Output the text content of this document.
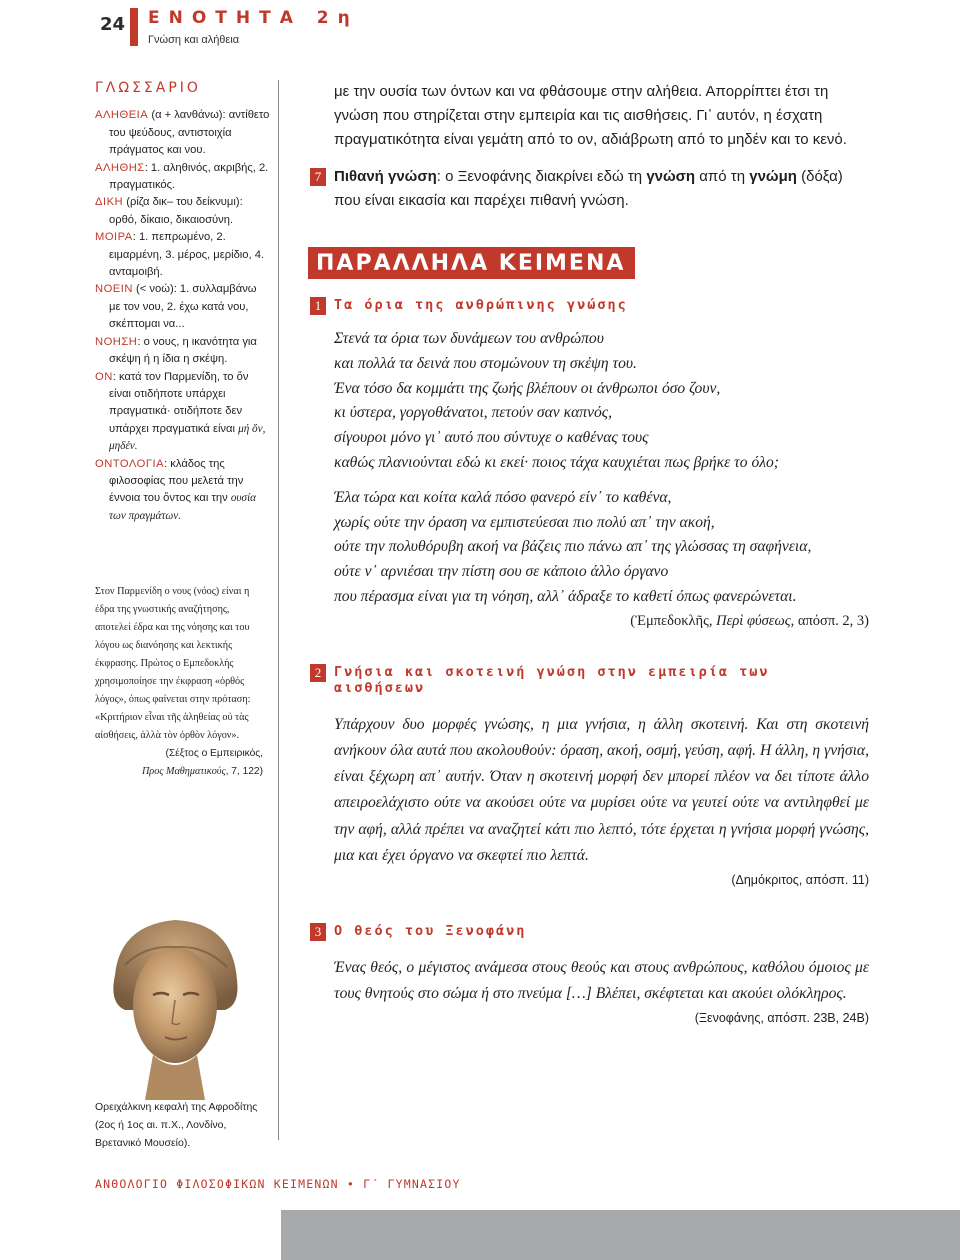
24 ΕΝΟΤΗΤΑ 2η
Γνώση και αλήθεια
ΓΛΩΣΣΑΡΙΟ
ΑΛΗΘΕΙΑ (α + λανθάνω): αντίθετο του ψεύδους, αντιστοιχία πράγματος και νου.
ΑΛΗΘΗΣ: 1. αληθινός, ακριβής, 2. πραγματικός.
ΔΙΚΗ (ρίζα δικ– του δείκνυμι): ορθό, δίκαιο, δικαιοσύνη.
ΜΟΙΡΑ: 1. πεπρωμένο, 2. ειμαρμένη, 3. μέρος, μερίδιο, 4. ανταμοιβή.
ΝΟΕΙΝ (< νοώ): 1. συλλαμβάνω με τον νου, 2. έχω κατά νου, σκέπτομαι να...
ΝΟΗΣΗ: ο νους, η ικανότητα για σκέψη ή η ίδια η σκέψη.
ΟΝ: κατά τον Παρμενίδη, το ὄν είναι οτιδήποτε υπάρχει πραγματικά· οτιδήποτε δεν υπάρχει πραγματικά είναι μή ὄν, μηδέν.
ΟΝΤΟΛΟΓΙΑ: κλάδος της φιλοσοφίας που μελετά την έννοια του ὄντος και την ουσία των πραγμάτων.
Στον Παρμενίδη ο νους (νόος) είναι η έδρα της γνωστικής αναζήτησης, αποτελεί έδρα και της νόησης και του λόγου ως διανόησης και λεκτικής έκφρασης. Πρώτος ο Εμπεδοκλής χρησιμοποίησε την έκφραση «ὀρθός λόγος», όπως φαίνεται στην πρόταση: «Κριτήριον εἶναι τῆς ἀληθείας οὐ τὰς αἰσθήσεις, ἀλλὰ τὸν ὀρθὸν λόγον».
(Σέξτος ο Εμπειρικός,
Προς Μαθηματικούς, 7, 122)
Ορειχάλκινη κεφαλή της Αφροδίτης (2ος ή 1ος αι. π.Χ., Λονδίνο, Βρετανικό Μουσείο).
με την ουσία των όντων και να φθάσουμε στην αλήθεια. Απορρίπτει έτσι τη γνώση που στηρίζεται στην εμπειρία και τις αισθήσεις. Γι᾽ αυτόν, η έσχατη πραγματικότητα είναι γεμάτη από το ον, αδιάβρωτη από το μηδέν και το κενό.
7 Πιθανή γνώση: ο Ξενοφάνης διακρίνει εδώ τη γνώση από τη γνώμη (δόξα) που είναι εικασία και παρέχει πιθανή γνώση.
ΠΑΡΑΛΛΗΛΑ ΚΕΙΜΕΝΑ
1 Τα όρια της ανθρώπινης γνώσης

Στενά τα όρια των δυνάμεων του ανθρώπου

και πολλά τα δεινά που στομώνουν τη σκέψη του.

Ένα τόσο δα κομμάτι της ζωής βλέπουν οι άνθρωποι όσο ζουν,

κι ύστερα, γοργοθάνατοι, πετούν σαν καπνός,

σίγουροι μόνο γι᾽ αυτό που σύντυχε ο καθένας τους

καθώς πλανιούνται εδώ κι εκεί· ποιος τάχα καυχιέται πως βρήκε το όλο;

Έλα τώρα και κοίτα καλά πόσο φανερό είν᾽ το καθένα,

χωρίς ούτε την όραση να εμπιστεύεσαι πιο πολύ απ᾽ την ακοή,

ούτε την πολυθόρυβη ακοή να βάζεις πιο πάνω απ᾽ της γλώσσας τη σαφήνεια,

ούτε ν᾽ αρνιέσαι την πίστη σου σε κάποιο άλλο όργανο

που πέρασμα είναι για τη νόηση, αλλ᾽ άδραξε το καθετί όπως φανερώνεται.

(Ἐμπεδοκλῆς, Περὶ φύσεως, απόσπ. 2, 3)
2 Γνήσια και σκοτεινή γνώση στην εμπειρία των αισθήσεων
Υπάρχουν δυο μορφές γνώσης, η μια γνήσια, η άλλη σκοτεινή. Και στη σκοτεινή ανήκουν όλα αυτά που ακολουθούν: όραση, ακοή, οσμή, γεύση, αφή. Η άλλη, η γνήσια, είναι ξέχωρη απ᾽ αυτήν. Όταν η σκοτεινή μορφή δεν μπορεί πλέον να δει τίποτε άλλο απειροελάχιστο ούτε να ακούσει ούτε να μυρίσει ούτε να γευτεί ούτε να αντιληφθεί με την αφή, αλλά πρέπει να αναζητεί κάτι πιο λεπτό, τότε έρχεται η γνήσια μορφή γνώσης, μια και έχει όργανο να σκεφτεί πιο λεπτά.
(Δημόκριτος, απόσπ. 11)
3 Ο θεός του Ξενοφάνη
Ένας θεός, ο μέγιστος ανάμεσα στους θεούς και στους ανθρώπους, καθόλου όμοιος με τους θνητούς στο σώμα ή στο πνεύμα […] Βλέπει, σκέφτεται και ακούει ολόκληρος.
(Ξενοφάνης, απόσπ. 23Β, 24Β)
ΑΝΘΟΛΟΓΙΟ ΦΙΛΟΣΟΦΙΚΩΝ ΚΕΙΜΕΝΩΝ • Γ΄ ΓΥΜΝΑΣΙΟΥ
